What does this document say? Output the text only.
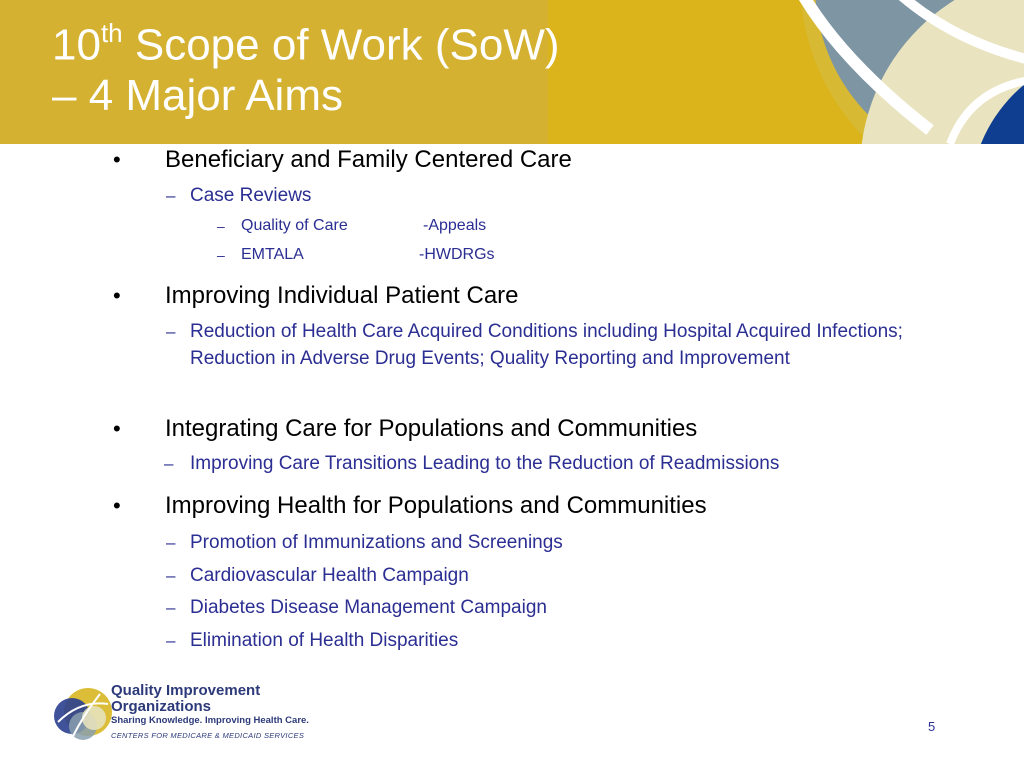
10th Scope of Work (SoW)
– 4 Major Aims
• Beneficiary and Family Centered Care
– Case Reviews
– Quality of Care	-Appeals
– EMTALA	-HWDRGs
• Improving Individual Patient Care
– Reduction of Health Care Acquired Conditions including Hospital Acquired Infections; Reduction in Adverse Drug Events; Quality Reporting and Improvement
• Integrating Care for Populations and Communities
– Improving Care Transitions Leading to the Reduction of Readmissions
• Improving Health for Populations and Communities
– Promotion of Immunizations and Screenings
– Cardiovascular Health Campaign
– Diabetes Disease Management Campaign
– Elimination of Health Disparities
Quality Improvement
Organizations
Sharing Knowledge. Improving Health Care.
CENTERS FOR MEDICARE & MEDICAID SERVICES
5
